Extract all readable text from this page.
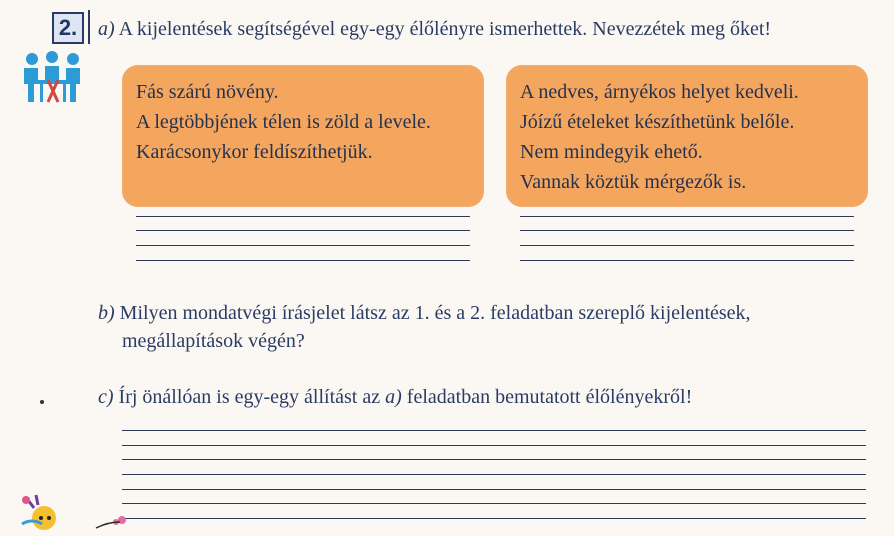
2.	a) A kijelentések segítségével egy-egy élőlényre ismerhettek. Nevezzétek meg őket!
Fás szárú növény.
A legtöbbjének télen is zöld a levele.
Karácsonykor feldíszíthetjük.
A nedves, árnyékos helyet kedveli.
Jóízű ételeket készíthetünk belőle.
Nem mindegyik ehető.
Vannak köztük mérgezők is.
b) Milyen mondatvégi írásjelet látsz az 1. és a 2. feladatban szereplő kijelentések,
megállapítások végén?
c) Írj önállóan is egy-egy állítást az a) feladatban bemutatott élőlényekről!
